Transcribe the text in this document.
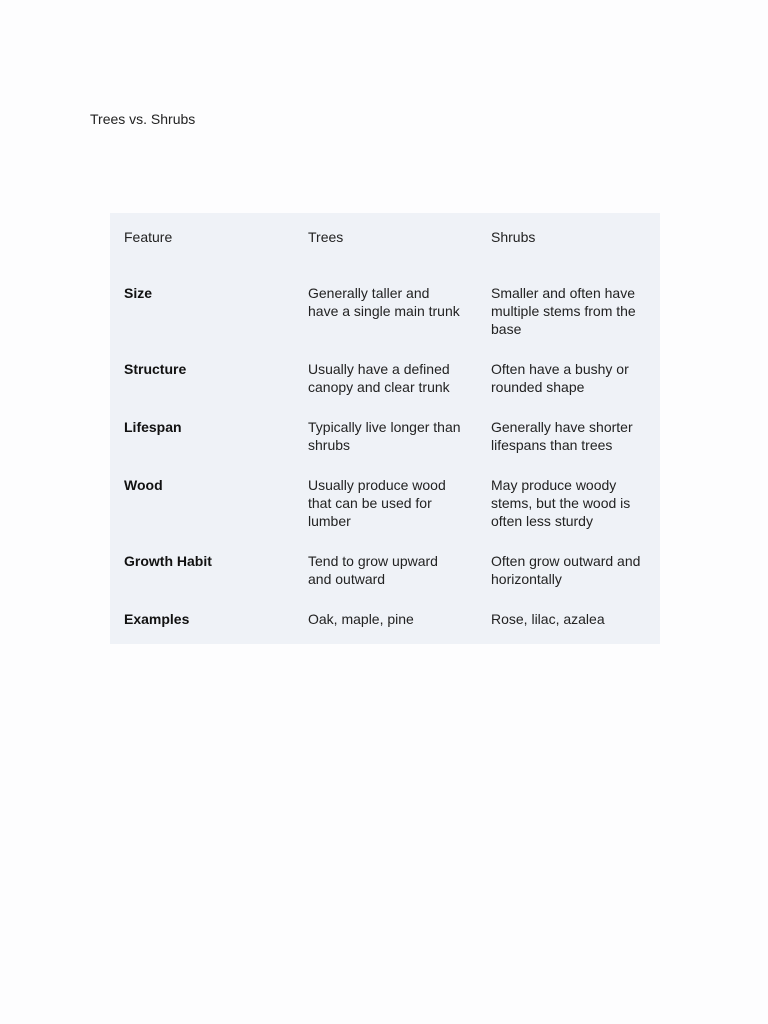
Trees vs. Shrubs
Feature	Trees	Shrubs
Size	Generally taller and have a single main trunk	Smaller and often have multiple stems from the base
Structure	Usually have a defined canopy and clear trunk	Often have a bushy or rounded shape
Lifespan	Typically live longer than shrubs	Generally have shorter lifespans than trees
Wood	Usually produce wood that can be used for lumber	May produce woody stems, but the wood is often less sturdy
Growth Habit	Tend to grow upward and outward	Often grow outward and horizontally
Examples	Oak, maple, pine	Rose, lilac, azalea
